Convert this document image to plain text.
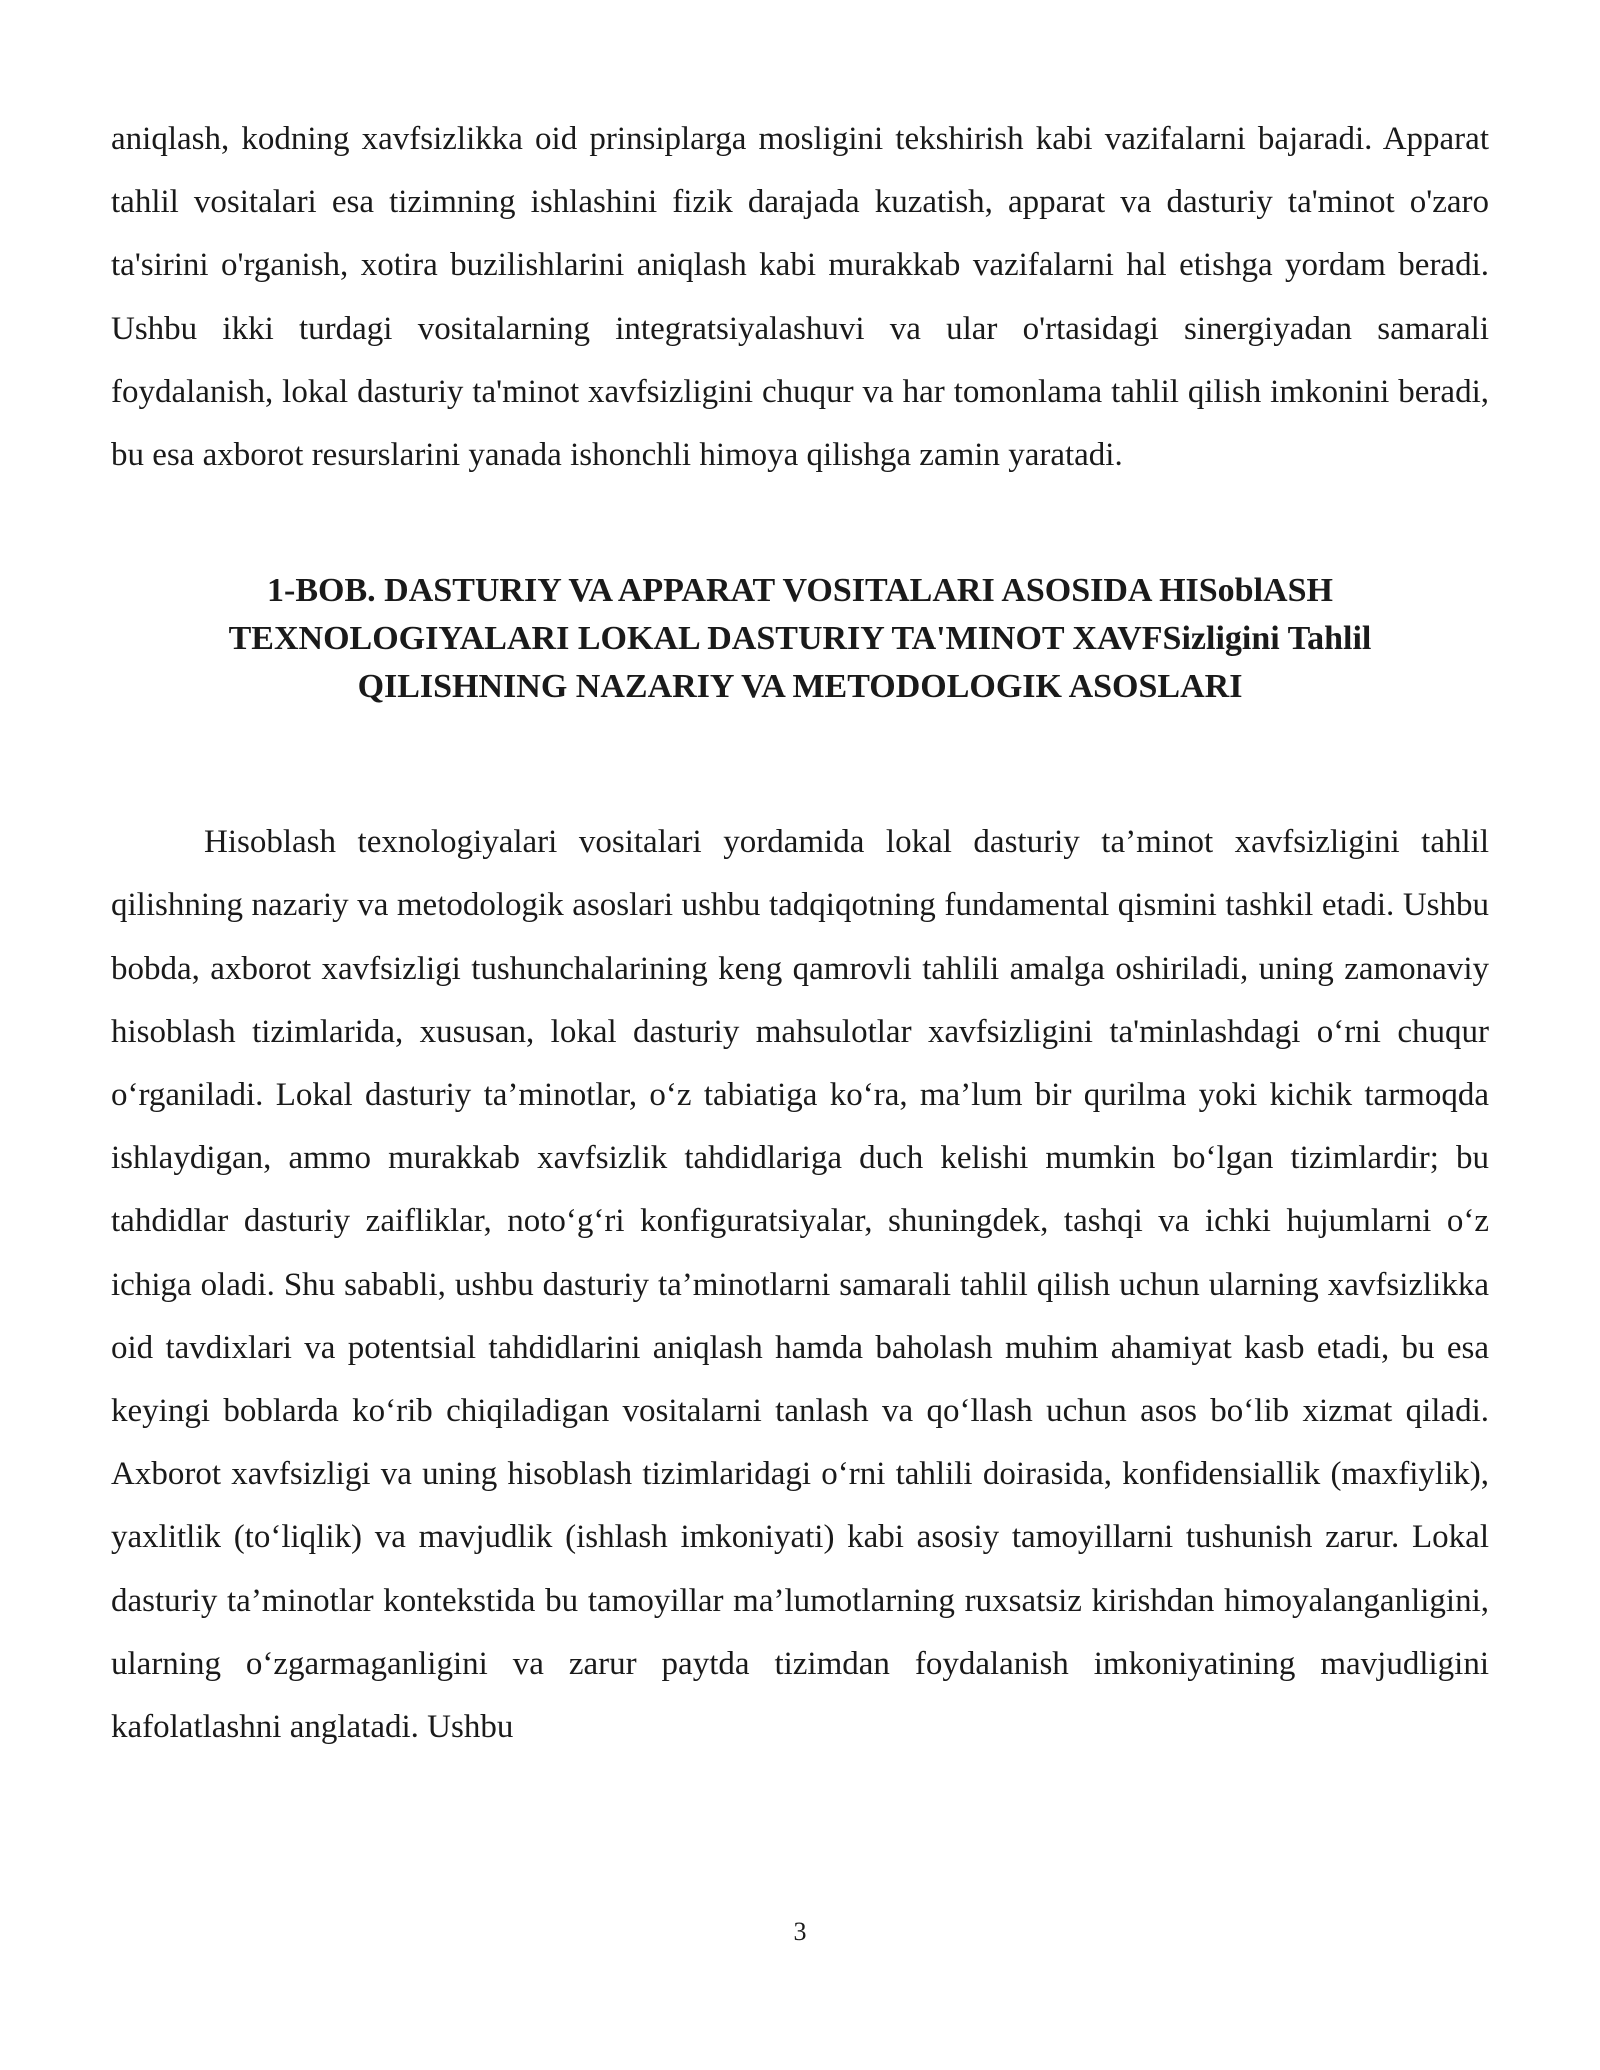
aniqlash, kodning xavfsizlikka oid prinsiplarga mosligini tekshirish kabi vazifalarni bajaradi. Apparat tahlil vositalari esa tizimning ishlashini fizik darajada kuzatish, apparat va dasturiy ta'minot o'zaro ta'sirini o'rganish, xotira buzilishlarini aniqlash kabi murakkab vazifalarni hal etishga yordam beradi. Ushbu ikki turdagi vositalarning integratsiyalashuvi va ular o'rtasidagi sinergiyadan samarali foydalanish, lokal dasturiy ta'minot xavfsizligini chuqur va har tomonlama tahlil qilish imkonini beradi, bu esa axborot resurslarini yanada ishonchli himoya qilishga zamin yaratadi.

1-BOB. DASTURIY VA APPARAT VOSITALARI ASOSIDA HISoblASH
TEXNOLOGIYALARI LOKAL DASTURIY TA'MINOT XAVFSizligini Tahlil
QILISHNING NAZARIY VA METODOLOGIK ASOSLARI

Hisoblash texnologiyalari vositalari yordamida lokal dasturiy ta’minot xavfsizligini tahlil qilishning nazariy va metodologik asoslari ushbu tadqiqotning fundamental qismini tashkil etadi. Ushbu bobda, axborot xavfsizligi tushunchalarining keng qamrovli tahlili amalga oshiriladi, uning zamonaviy hisoblash tizimlarida, xususan, lokal dasturiy mahsulotlar xavfsizligini ta'minlashdagi o‘rni chuqur o‘rganiladi. Lokal dasturiy ta’minotlar, o‘z tabiatiga ko‘ra, ma’lum bir qurilma yoki kichik tarmoqda ishlaydigan, ammo murakkab xavfsizlik tahdidlariga duch kelishi mumkin bo‘lgan tizimlardir; bu tahdidlar dasturiy zaifliklar, noto‘g‘ri konfiguratsiyalar, shuningdek, tashqi va ichki hujumlarni o‘z ichiga oladi. Shu sababli, ushbu dasturiy ta’minotlarni samarali tahlil qilish uchun ularning xavfsizlikka oid tavdixlari va potentsial tahdidlarini aniqlash hamda baholash muhim ahamiyat kasb etadi, bu esa keyingi boblarda ko‘rib chiqiladigan vositalarni tanlash va qo‘llash uchun asos bo‘lib xizmat qiladi. Axborot xavfsizligi va uning hisoblash tizimlaridagi o‘rni tahlili doirasida, konfidensiallik (maxfiylik), yaxlitlik (to‘liqlik) va mavjudlik (ishlash imkoniyati) kabi asosiy tamoyillarni tushunish zarur. Lokal dasturiy ta’minotlar kontekstida bu tamoyillar ma’lumotlarning ruxsatsiz kirishdan himoyalanganligini, ularning o‘zgarmaganligini va zarur paytda tizimdan foydalanish imkoniyatining mavjudligini kafolatlashni anglatadi. Ushbu

3
